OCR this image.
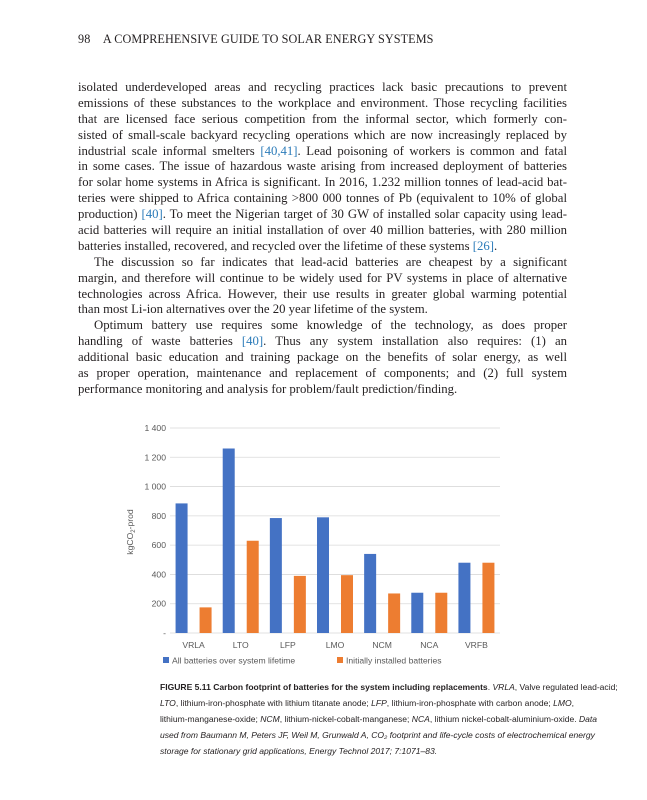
98 A COMPREHENSIVE GUIDE TO SOLAR ENERGY SYSTEMS
isolated underdeveloped areas and recycling practices lack basic precautions to prevent
emissions of these substances to the workplace and environment. Those recycling facilities
that are licensed face serious competition from the informal sector, which formerly con-
sisted of small-scale backyard recycling operations which are now increasingly replaced by
industrial scale informal smelters [40,41]. Lead poisoning of workers is common and fatal
in some cases. The issue of hazardous waste arising from increased deployment of batteries
for solar home systems in Africa is significant. In 2016, 1.232 million tonnes of lead-acid bat-
teries were shipped to Africa containing >800 000 tonnes of Pb (equivalent to 10% of global
production) [40]. To meet the Nigerian target of 30 GW of installed solar capacity using lead-
acid batteries will require an initial installation of over 40 million batteries, with 280 million
batteries installed, recovered, and recycled over the lifetime of these systems [26].
The discussion so far indicates that lead-acid batteries are cheapest by a significant
margin, and therefore will continue to be widely used for PV systems in place of alternative
technologies across Africa. However, their use results in greater global warming potential
than most Li-ion alternatives over the 20 year lifetime of the system.
Optimum battery use requires some knowledge of the technology, as does proper
handling of waste batteries [40]. Thus any system installation also requires: (1) an
additional basic education and training package on the benefits of solar energy, as well
as proper operation, maintenance and replacement of components; and (2) full system
performance monitoring and analysis for problem/fault prediction/finding.
-
200
400
600
800
1 000
1 200
1 400
VRLA	LTO	LFP	LMO	NCM	NCA	VRFB
kgCO$_2$-prod
All batteries over system lifetime	Initially installed batteries
FIGURE 5.11 Carbon footprint of batteries for the system including replacements. VRLA, Valve regulated lead-acid;
LTO, lithium-iron-phosphate with lithium titanate anode; LFP, lithium-iron-phosphate with carbon anode; LMO,
lithium-manganese-oxide; NCM, lithium-nickel-cobalt-manganese; NCA, lithium nickel-cobalt-aluminium-oxide. Data
used from Baumann M, Peters JF, Weil M, Grunwald A, CO₂ footprint and life-cycle costs of electrochemical energy
storage for stationary grid applications, Energy Technol 2017; 7:1071–83.
